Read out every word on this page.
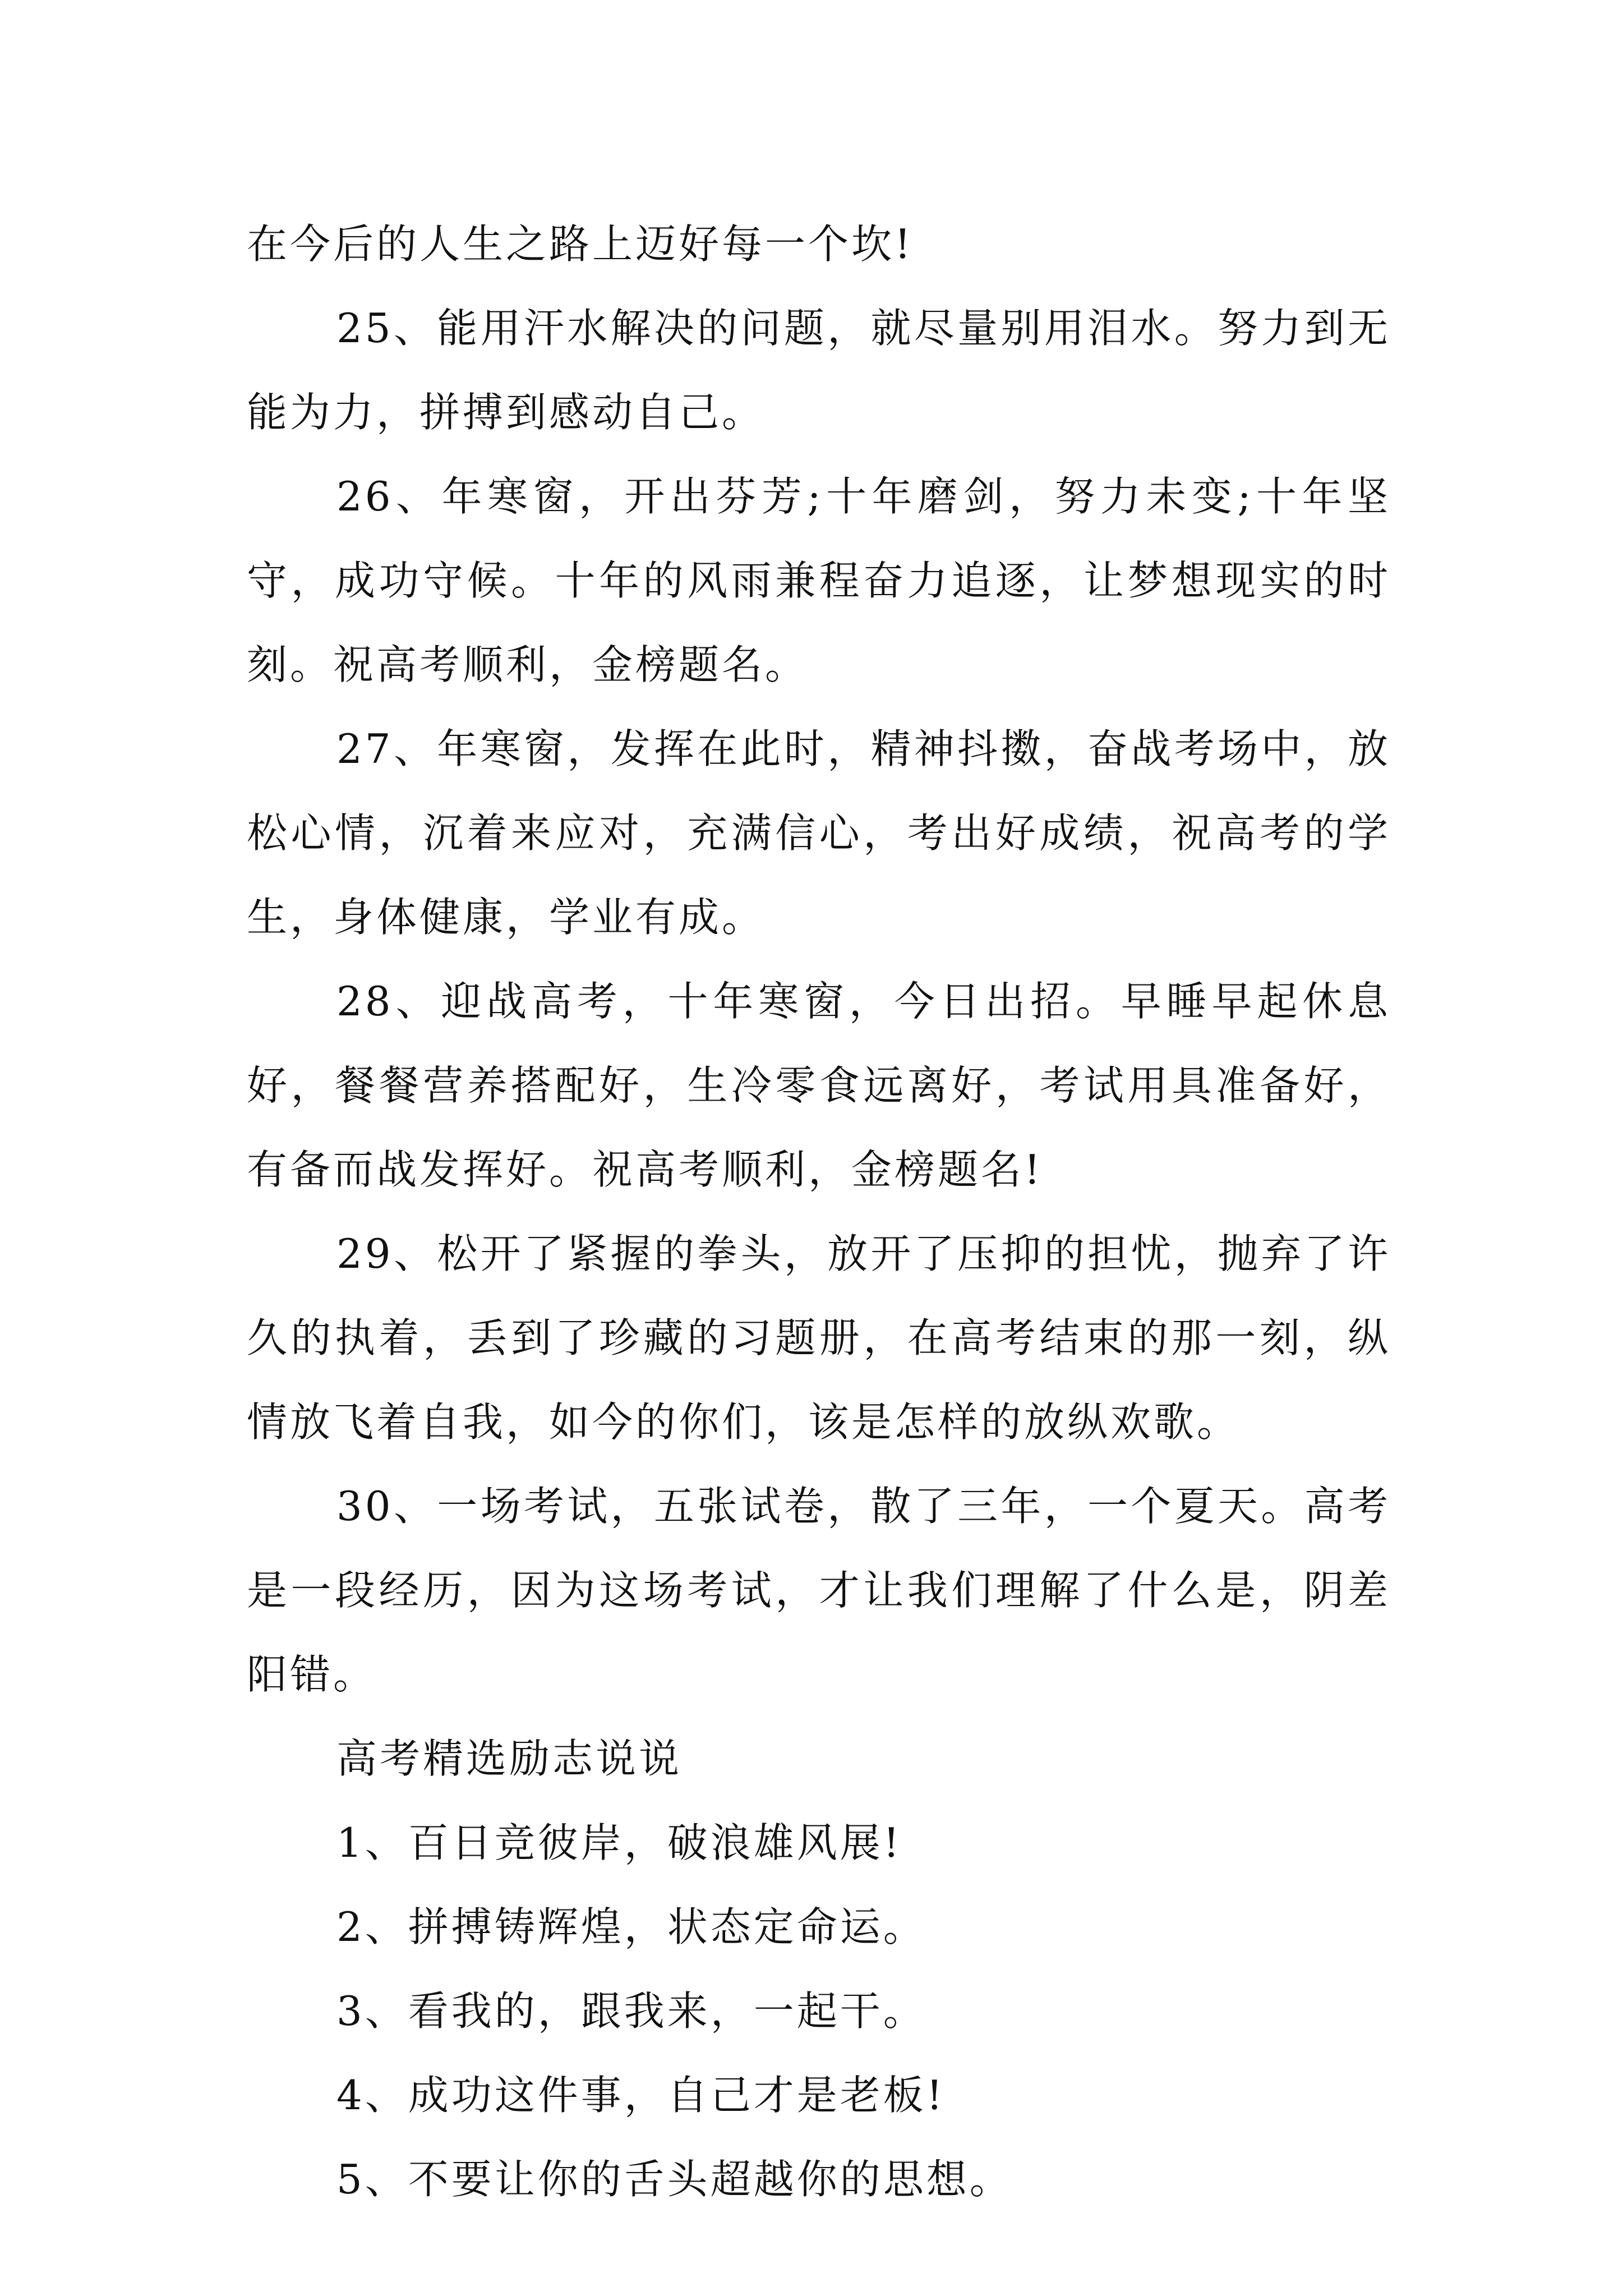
在今后的人生之路上迈好每一个坎!

25、能用汗水解决的问题，就尽量别用泪水。努力到无能为力，拼搏到感动自己。

26、年寒窗，开出芬芳;十年磨剑，努力未变;十年坚守，成功守候。十年的风雨兼程奋力追逐，让梦想现实的时刻。祝高考顺利，金榜题名。

27、年寒窗，发挥在此时，精神抖擞，奋战考场中，放松心情，沉着来应对，充满信心，考出好成绩，祝高考的学生，身体健康，学业有成。

28、迎战高考，十年寒窗，今日出招。早睡早起休息好，餐餐营养搭配好，生冷零食远离好，考试用具准备好，有备而战发挥好。祝高考顺利，金榜题名!

29、松开了紧握的拳头，放开了压抑的担忧，抛弃了许久的执着，丢到了珍藏的习题册，在高考结束的那一刻，纵情放飞着自我，如今的你们，该是怎样的放纵欢歌。

30、一场考试，五张试卷，散了三年，一个夏天。高考是一段经历，因为这场考试，才让我们理解了什么是，阴差阳错。

高考精选励志说说

1、百日竞彼岸，破浪雄风展!

2、拼搏铸辉煌，状态定命运。

3、看我的，跟我来，一起干。

4、成功这件事，自己才是老板!

5、不要让你的舌头超越你的思想。
